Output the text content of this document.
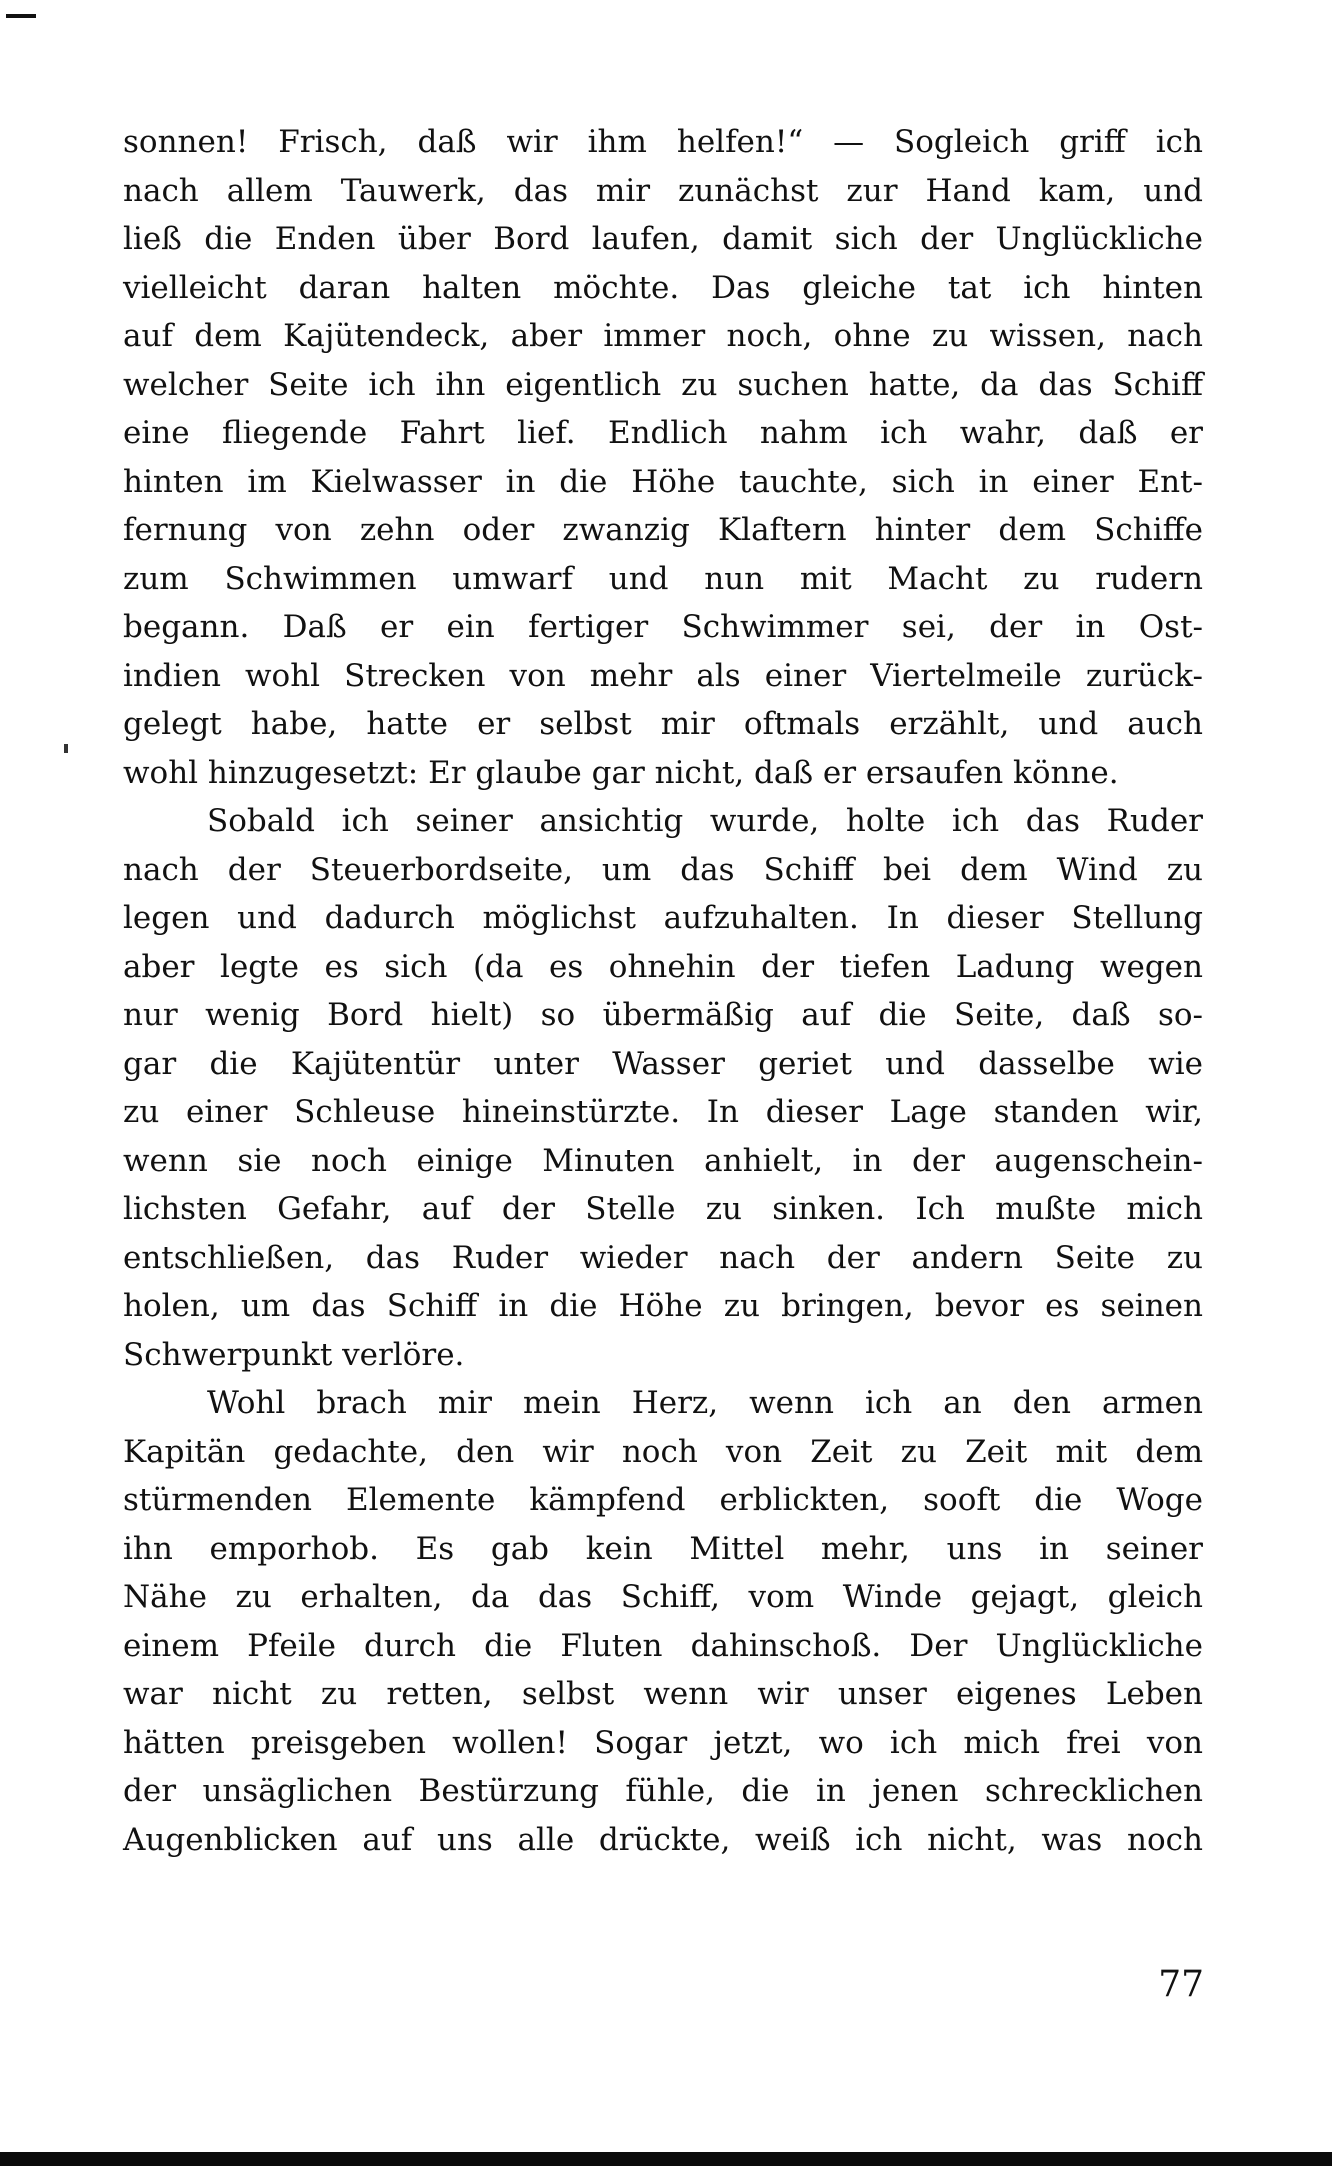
sonnen! Frisch, daß wir ihm helfen!“ — Sogleich griff ich
nach allem Tauwerk, das mir zunächst zur Hand kam, und
ließ die Enden über Bord laufen, damit sich der Unglückliche
vielleicht daran halten möchte. Das gleiche tat ich hinten
auf dem Kajütendeck, aber immer noch, ohne zu wissen, nach
welcher Seite ich ihn eigentlich zu suchen hatte, da das Schiff
eine fliegende Fahrt lief. Endlich nahm ich wahr, daß er
hinten im Kielwasser in die Höhe tauchte, sich in einer Ent-
fernung von zehn oder zwanzig Klaftern hinter dem Schiffe
zum Schwimmen umwarf und nun mit Macht zu rudern
begann. Daß er ein fertiger Schwimmer sei, der in Ost-
indien wohl Strecken von mehr als einer Viertelmeile zurück-
gelegt habe, hatte er selbst mir oftmals erzählt, und auch
wohl hinzugesetzt: Er glaube gar nicht, daß er ersaufen könne.

Sobald ich seiner ansichtig wurde, holte ich das Ruder
nach der Steuerbordseite, um das Schiff bei dem Wind zu
legen und dadurch möglichst aufzuhalten. In dieser Stellung
aber legte es sich (da es ohnehin der tiefen Ladung wegen
nur wenig Bord hielt) so übermäßig auf die Seite, daß so-
gar die Kajütentür unter Wasser geriet und dasselbe wie
zu einer Schleuse hineinstürzte. In dieser Lage standen wir,
wenn sie noch einige Minuten anhielt, in der augenschein-
lichsten Gefahr, auf der Stelle zu sinken. Ich mußte mich
entschließen, das Ruder wieder nach der andern Seite zu
holen, um das Schiff in die Höhe zu bringen, bevor es seinen
Schwerpunkt verlöre.

Wohl brach mir mein Herz, wenn ich an den armen
Kapitän gedachte, den wir noch von Zeit zu Zeit mit dem
stürmenden Elemente kämpfend erblickten, sooft die Woge
ihn emporhob. Es gab kein Mittel mehr, uns in seiner
Nähe zu erhalten, da das Schiff, vom Winde gejagt, gleich
einem Pfeile durch die Fluten dahinschoß. Der Unglückliche
war nicht zu retten, selbst wenn wir unser eigenes Leben
hätten preisgeben wollen! Sogar jetzt, wo ich mich frei von
der unsäglichen Bestürzung fühle, die in jenen schrecklichen
Augenblicken auf uns alle drückte, weiß ich nicht, was noch

77
